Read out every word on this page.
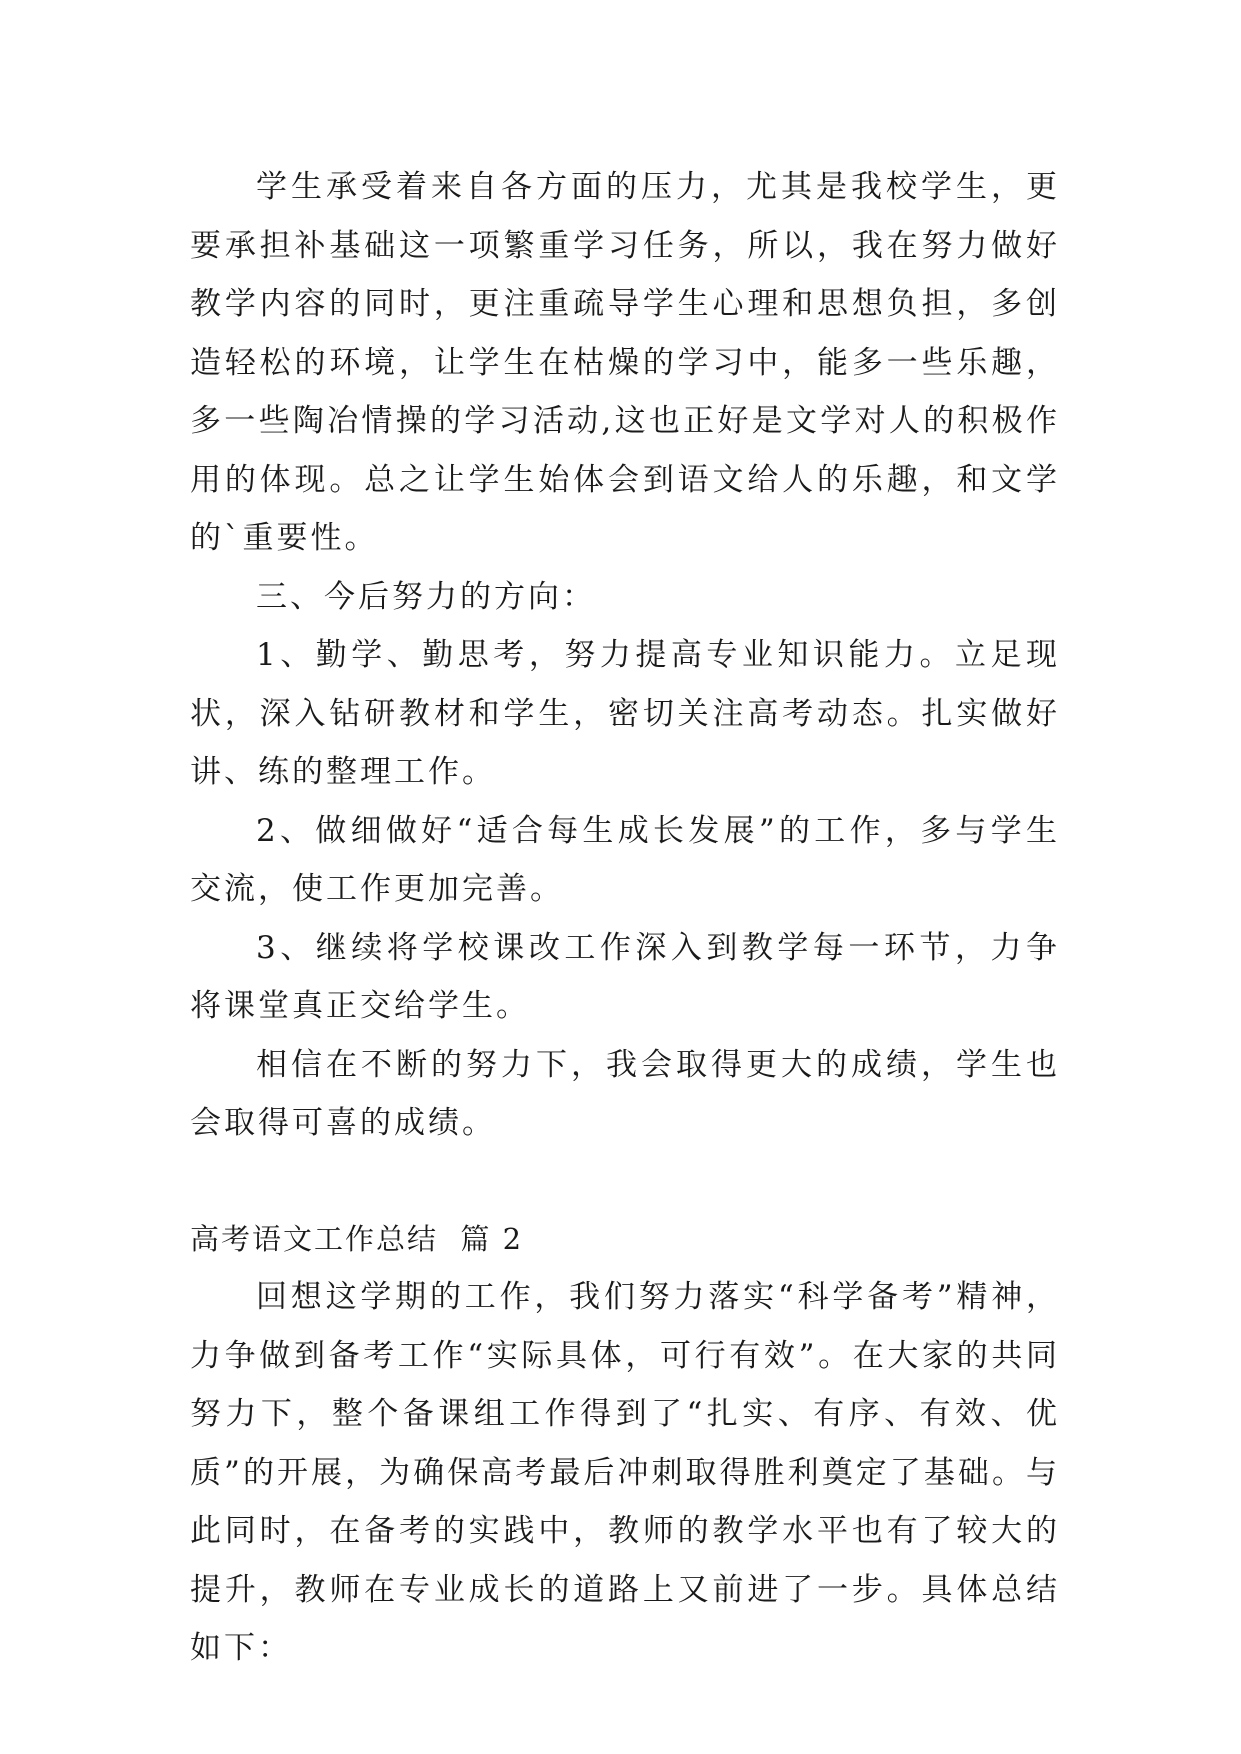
学生承受着来自各方面的压力，尤其是我校学生，更要承担补基础这一项繁重学习任务，所以，我在努力做好教学内容的同时，更注重疏导学生心理和思想负担，多创造轻松的环境，让学生在枯燥的学习中，能多一些乐趣，多一些陶冶情操的学习活动,这也正好是文学对人的积极作用的体现。总之让学生始体会到语文给人的乐趣，和文学的`重要性。

三、今后努力的方向：

1、勤学、勤思考，努力提高专业知识能力。立足现状，深入钻研教材和学生，密切关注高考动态。扎实做好讲、练的整理工作。

2、做细做好“适合每生成长发展”的工作，多与学生交流，使工作更加完善。

3、继续将学校课改工作深入到教学每一环节，力争将课堂真正交给学生。

相信在不断的努力下，我会取得更大的成绩，学生也会取得可喜的成绩。

高考语文工作总结  篇 2

回想这学期的工作，我们努力落实“科学备考”精神，力争做到备考工作“实际具体，可行有效”。在大家的共同努力下，整个备课组工作得到了“扎实、有序、有效、优质”的开展，为确保高考最后冲刺取得胜利奠定了基础。与此同时，在备考的实践中，教师的教学水平也有了较大的提升，教师在专业成长的道路上又前进了一步。具体总结如下：
